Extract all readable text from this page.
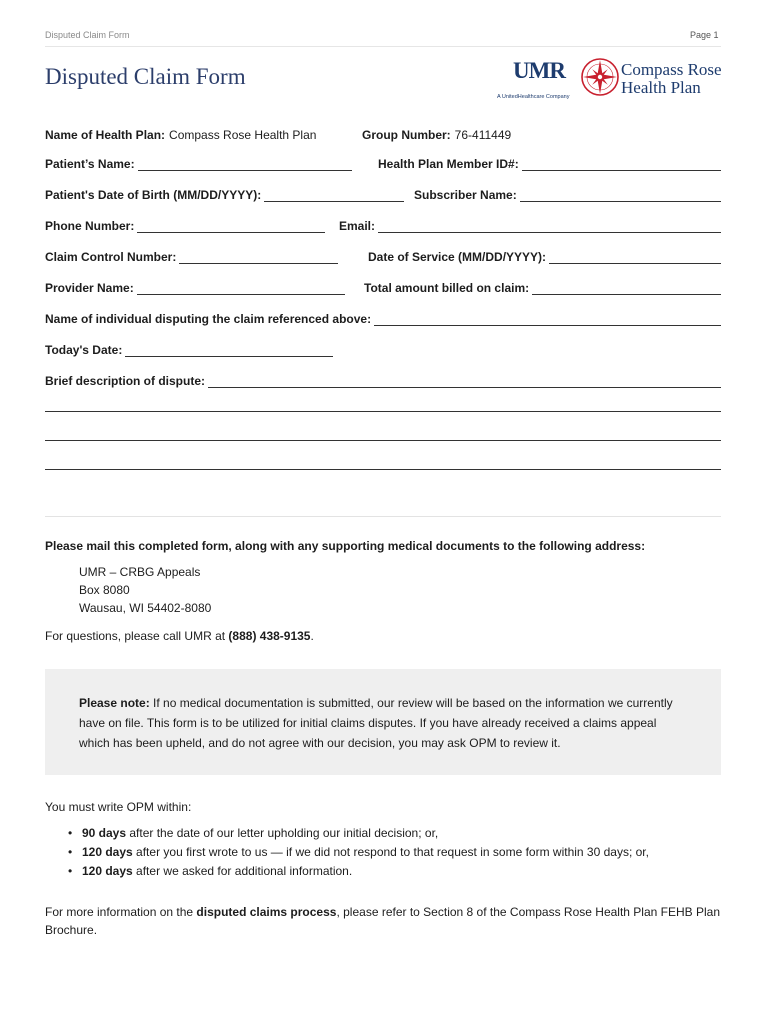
Disputed Claim Form	Page 1
Disputed Claim Form	UMR
A UnitedHealthcare Company
Compass Rose
Health Plan
Name of Health Plan: Compass Rose Health Plan	Group Number: 76-411449
Patient’s Name:	Health Plan Member ID#:
Patient's Date of Birth (MM/DD/YYYY):	Subscriber Name:
Phone Number:	Email:
Claim Control Number:	Date of Service (MM/DD/YYYY):
Provider Name:	Total amount billed on claim:
Name of individual disputing the claim referenced above:
Today's Date:
Brief description of dispute:
Please mail this completed form, along with any supporting medical documents to the following address:
UMR – CRBG Appeals
Box 8080
Wausau, WI 54402-8080
For questions, please call UMR at (888) 438-9135.
Please note: If no medical documentation is submitted, our review will be based on the information we currently have on file. This form is to be utilized for initial claims disputes. If you have already received a claims appeal which has been upheld, and do not agree with our decision, you may ask OPM to review it.
You must write OPM within:
• 90 days after the date of our letter upholding our initial decision; or,
• 120 days after you first wrote to us — if we did not respond to that request in some form within 30 days; or,
• 120 days after we asked for additional information.
For more information on the disputed claims process, please refer to Section 8 of the Compass Rose Health Plan FEHB Plan Brochure.
